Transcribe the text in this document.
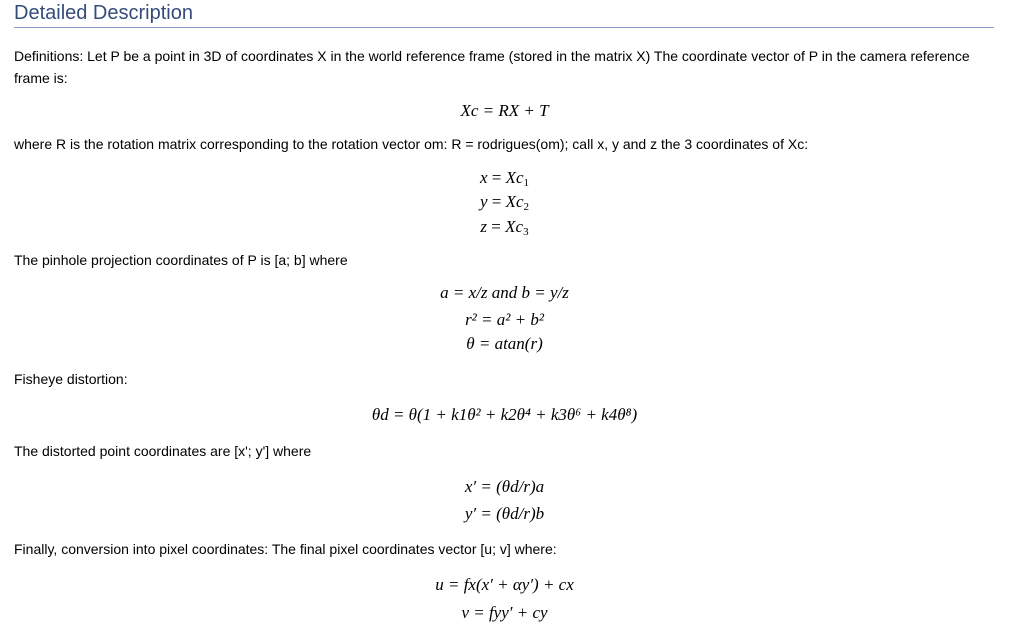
Detailed Description
Definitions: Let P be a point in 3D of coordinates X in the world reference frame (stored in the matrix X) The coordinate vector of P in the camera reference frame is:
Xc = RX + T
where R is the rotation matrix corresponding to the rotation vector om: R = rodrigues(om); call x, y and z the 3 coordinates of Xc:
$x = Xc_1$
$y = Xc_2$
$z = Xc_3$
The pinhole projection coordinates of P is [a; b] where
a = x/z and b = y/z
r² = a² + b²
θ = atan(r)
Fisheye distortion:
θd = θ(1 + k1θ² + k2θ⁴ + k3θ⁶ + k4θ⁸)
The distorted point coordinates are [x'; y'] where
x′ = (θd/r)a
y′ = (θd/r)b
Finally, conversion into pixel coordinates: The final pixel coordinates vector [u; v] where:
u = fx(x′ + αy′) + cx
v = fyy′ + cy
